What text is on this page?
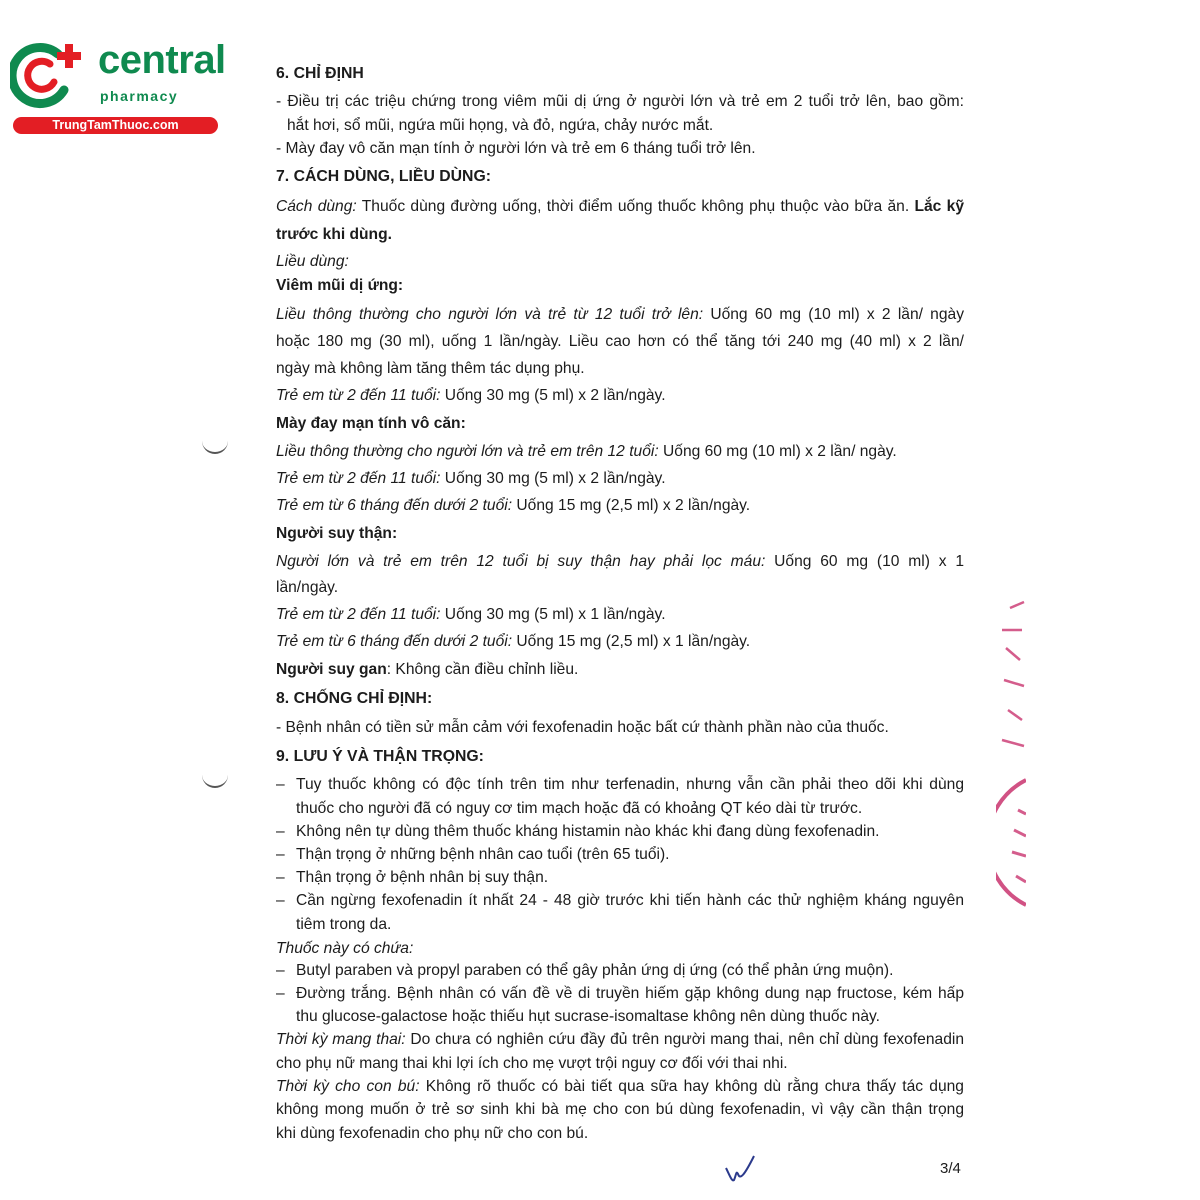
central
pharmacy
TrungTamThuoc.com
6. CHỈ ĐỊNH
- Điều trị các triệu chứng trong viêm mũi dị ứng ở người lớn và trẻ em 2 tuổi trở lên, bao gồm:
hắt hơi, sổ mũi, ngứa mũi họng, và đỏ, ngứa, chảy nước mắt.
- Mày đay vô căn mạn tính ở người lớn và trẻ em 6 tháng tuổi trở lên.
7. CÁCH DÙNG, LIỀU DÙNG:
Cách dùng: Thuốc dùng đường uống, thời điểm uống thuốc không phụ thuộc vào bữa ăn. Lắc kỹ
trước khi dùng.
Liều dùng:
Viêm mũi dị ứng:
Liều thông thường cho người lớn và trẻ từ 12 tuổi trở lên: Uống 60 mg (10 ml) x 2 lần/ ngày
hoặc 180 mg (30 ml), uống 1 lần/ngày. Liều cao hơn có thể tăng tới 240 mg (40 ml) x 2 lần/
ngày mà không làm tăng thêm tác dụng phụ.
Trẻ em từ 2 đến 11 tuổi: Uống 30 mg (5 ml) x 2 lần/ngày.
Mày đay mạn tính vô căn:
Liều thông thường cho người lớn và trẻ em trên 12 tuổi: Uống 60 mg (10 ml) x 2 lần/ ngày.
Trẻ em từ 2 đến 11 tuổi: Uống 30 mg (5 ml) x 2 lần/ngày.
Trẻ em từ 6 tháng đến dưới 2 tuổi: Uống 15 mg (2,5 ml) x 2 lần/ngày.
Người suy thận:
Người lớn và trẻ em trên 12 tuổi bị suy thận hay phải lọc máu: Uống 60 mg (10 ml) x 1
lần/ngày.
Trẻ em từ 2 đến 11 tuổi: Uống 30 mg (5 ml) x 1 lần/ngày.
Trẻ em từ 6 tháng đến dưới 2 tuổi: Uống 15 mg (2,5 ml) x 1 lần/ngày.
Người suy gan: Không cần điều chỉnh liều.
8. CHỐNG CHỈ ĐỊNH:
- Bệnh nhân có tiền sử mẫn cảm với fexofenadin hoặc bất cứ thành phần nào của thuốc.
9. LƯU Ý VÀ THẬN TRỌNG:
– Tuy thuốc không có độc tính trên tim như terfenadin, nhưng vẫn cần phải theo dõi khi dùng
thuốc cho người đã có nguy cơ tim mạch hoặc đã có khoảng QT kéo dài từ trước.
– Không nên tự dùng thêm thuốc kháng histamin nào khác khi đang dùng fexofenadin.
– Thận trọng ở những bệnh nhân cao tuổi (trên 65 tuổi).
– Thận trọng ở bệnh nhân bị suy thận.
– Cần ngừng fexofenadin ít nhất 24 - 48 giờ trước khi tiến hành các thử nghiệm kháng nguyên
tiêm trong da.
Thuốc này có chứa:
– Butyl paraben và propyl paraben có thể gây phản ứng dị ứng (có thể phản ứng muộn).
– Đường trắng. Bệnh nhân có vấn đề về di truyền hiếm gặp không dung nạp fructose, kém hấp
thu glucose-galactose hoặc thiếu hụt sucrase-isomaltase không nên dùng thuốc này.
Thời kỳ mang thai: Do chưa có nghiên cứu đầy đủ trên người mang thai, nên chỉ dùng fexofenadin
cho phụ nữ mang thai khi lợi ích cho mẹ vượt trội nguy cơ đối với thai nhi.
Thời kỳ cho con bú: Không rõ thuốc có bài tiết qua sữa hay không dù rằng chưa thấy tác dụng
không mong muốn ở trẻ sơ sinh khi bà mẹ cho con bú dùng fexofenadin, vì vậy cần thận trọng
khi dùng fexofenadin cho phụ nữ cho con bú.
3/4
